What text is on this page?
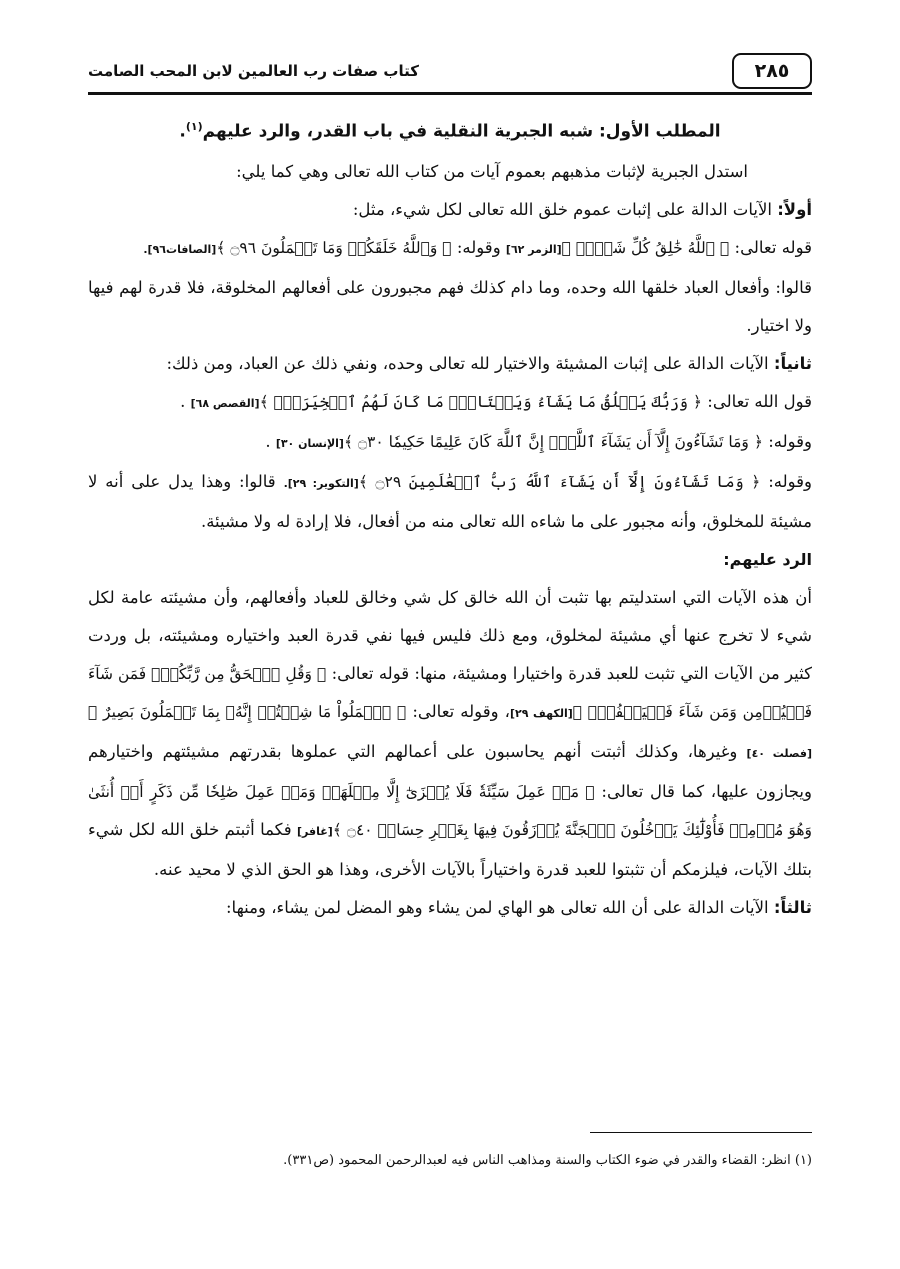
٢٨٥
كتاب صفات رب العالمين لابن المحب الصامت

المطلب الأول: شبه الجبرية النقلية في باب القدر، والرد عليهم$^{(١)}$.

استدل الجبرية لإثبات مذهبهم بعموم آيات من كتاب الله تعالى وهي كما يلي:

أولاً: الآيات الدالة على إثبات عموم خلق الله تعالى لكل شيء، مثل:

قوله تعالى: ﴿ ٱللَّهُ خَٰلِقُ كُلِّ شَيۡءٖ ﴾[الزمر ٦٢] وقوله: ﴿ وَٱللَّهُ خَلَقَكُمۡ وَمَا تَعۡمَلُونَ ۝٩٦ ﴾[الصافات٩٦].

قالوا: وأفعال العباد خلقها الله وحده، وما دام كذلك فهم مجبورون على أفعالهم المخلوقة، فلا قدرة لهم فيها ولا اختيار.

ثانياً: الآيات الدالة على إثبات المشيئة والاختيار لله تعالى وحده، ونفي ذلك عن العباد، ومن ذلك:

قول الله تعالى: ﴿ وَرَبُّكَ يَخۡلُقُ مَا يَشَآءُ وَيَخۡتَارُۗ مَا كَانَ لَهُمُ ٱلۡخِيَرَةُۚ ﴾[القصص ٦٨] .

وقوله: ﴿ وَمَا تَشَآءُونَ إِلَّآ أَن يَشَآءَ ٱللَّهُۚ إِنَّ ٱللَّهَ كَانَ عَلِيمًا حَكِيمٗا ۝٣٠ ﴾[الإنسان ٣٠] .

وقوله: ﴿ وَمَا تَشَآءُونَ إِلَّآ أَن يَشَآءَ ٱللَّهُ رَبُّ ٱلۡعَٰلَمِينَ ۝٢٩ ﴾[التكوير: ٢٩]. قالوا: وهذا يدل على أنه لا مشيئة للمخلوق، وأنه مجبور على ما شاءه الله تعالى منه من أفعال، فلا إرادة له ولا مشيئة.

الرد عليهم:

أن هذه الآيات التي استدليتم بها تثبت أن الله خالق كل شي وخالق للعباد وأفعالهم، وأن مشيئته عامة لكل شيء لا تخرج عنها أي مشيئة لمخلوق، ومع ذلك فليس فيها نفي قدرة العبد واختياره ومشيئته، بل وردت كثير من الآيات التي تثبت للعبد قدرة واختيارا ومشيئة، منها: قوله تعالى: ﴿ وَقُلِ ٱلۡحَقُّ مِن رَّبِّكُمۡۖ فَمَن شَآءَ فَلۡيُؤۡمِن وَمَن شَآءَ فَلۡيَكۡفُرۡۚ ﴾[الكهف ٢٩]، وقوله تعالى: ﴿ ٱعۡمَلُواْ مَا شِئۡتُمۡ إِنَّهُۥ بِمَا تَعۡمَلُونَ بَصِيرٌ ﴾[فصلت ٤٠] وغيرها، وكذلك أثبتت أنهم يحاسبون على أعمالهم التي عملوها بقدرتهم مشيئتهم واختيارهم ويجازون عليها، كما قال تعالى: ﴿ مَنۡ عَمِلَ سَيِّئَةٗ فَلَا يُجۡزَىٰٓ إِلَّا مِثۡلَهَاۖ وَمَنۡ عَمِلَ صَٰلِحٗا مِّن ذَكَرٍ أَوۡ أُنثَىٰ وَهُوَ مُؤۡمِنٞ فَأُوْلَٰٓئِكَ يَدۡخُلُونَ ٱلۡجَنَّةَ يُرۡزَقُونَ فِيهَا بِغَيۡرِ حِسَابٖ ۝٤٠ ﴾[غافر] فكما أثبتم خلق الله لكل شيء بتلك الآيات، فيلزمكم أن تثبتوا للعبد قدرة واختياراً بالآيات الأخرى، وهذا هو الحق الذي لا محيد عنه.

ثالثاً: الآيات الدالة على أن الله تعالى هو الهاي لمن يشاء وهو المضل لمن يشاء، ومنها:

(١) انظر: القضاء والقدر في ضوء الكتاب والسنة ومذاهب الناس فيه لعبدالرحمن المحمود (ص٣٣١).
